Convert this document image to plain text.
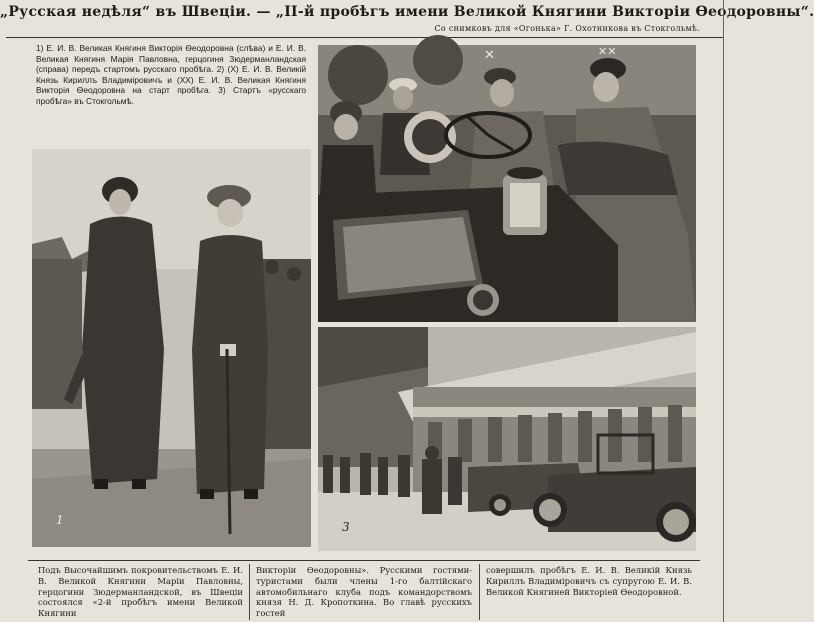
„Русская недѣля“ въ Швеціи. — „II-й пробѣгъ имени Великой Княгини Викторіи Ѳеодоровны“.
Со снимковъ для «Огонька» Г. Охотникова въ Стокгольмѣ.
1) Е. И. В. Великая Княгиня Викторія Ѳеодоровна (слѣва) и Е. И. В. Великая Княгиня Марія Павловна, герцогиня Зюдерманландская (справа) передъ стартомъ русскаго пробѣга. 2) (X) Е. И. В. Великій Князь Кириллъ Владиміровичъ и (XX) Е. И. В. Великая Княгиня Викторія Ѳеодоровна на старт пробѣга. 3) Стартъ «русскаго пробѣга» въ Стокгольмѣ.
1
✕	✕✕
3
Подъ Высочайшимъ покровительствомъ Е. И. В. Великой Княгини Маріи Павловны, герцогини Зюдерманландской, въ Швеціи состоялся «2-й пробѣгъ имени Великой Княгини
Викторіи Ѳеодоровны». Русскими гостями-туристами были члены 1-го балтійскаго автомобильнаго клуба подъ командорствомъ князя Н. Д. Кропоткина. Во главѣ русскихъ гостей
совершилъ пробѣгъ Е. И. В. Великій Князь Кириллъ Владиміровичъ съ супругою Е. И. В. Великой Княгиней Викторіей Ѳеодоровной.
